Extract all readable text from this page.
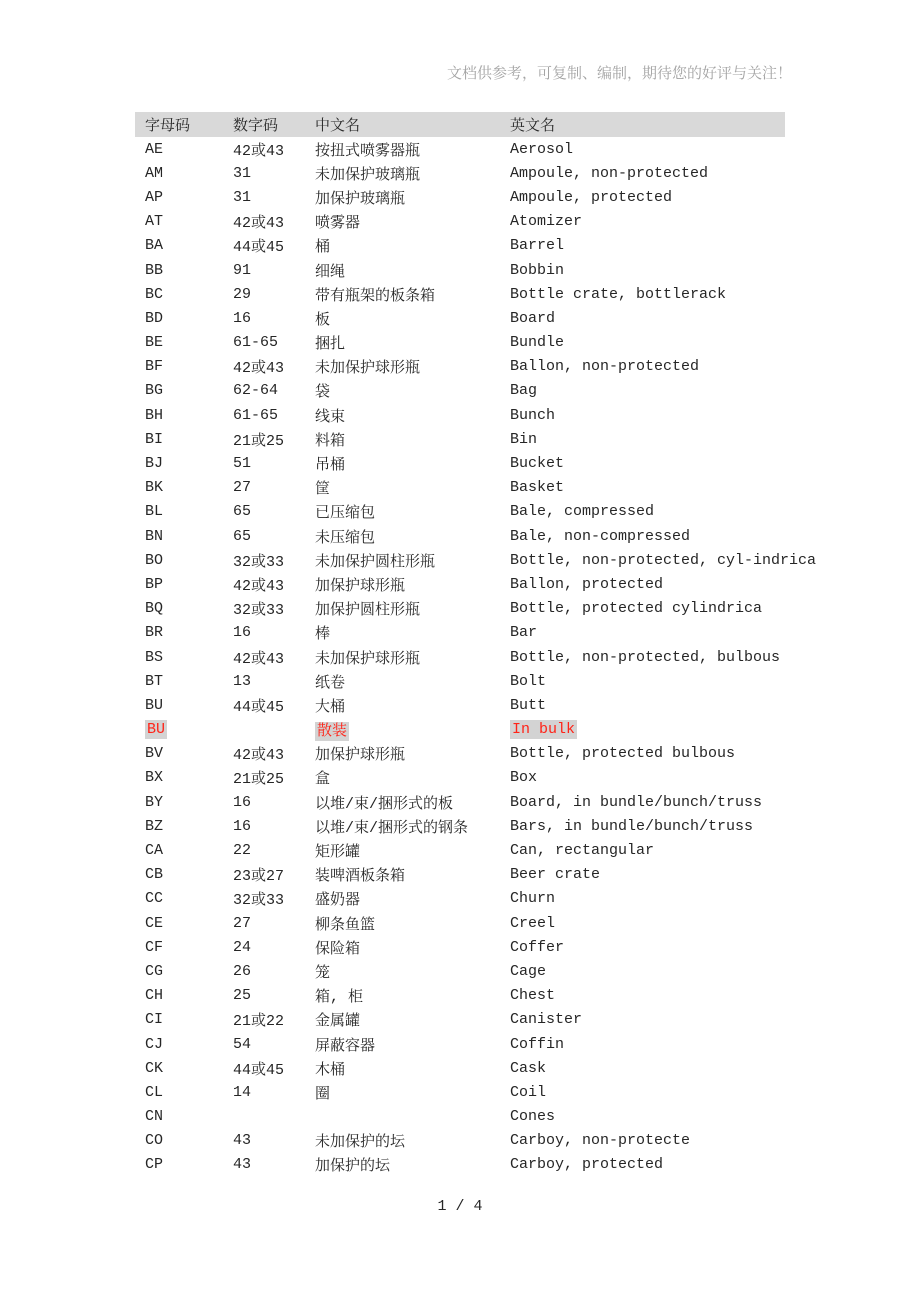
文档供参考，可复制、编制，期待您的好评与关注！
字母码	数字码	中文名	英文名
AE	42或43	按扭式喷雾器瓶	Aerosol
AM	31	未加保护玻璃瓶	Ampoule, non-protected
AP	31	加保护玻璃瓶	Ampoule, protected
AT	42或43	喷雾器	Atomizer
BA	44或45	桶	Barrel
BB	91	细绳	Bobbin
BC	29	带有瓶架的板条箱	Bottle crate, bottlerack
BD	16	板	Board
BE	61-65	捆扎	Bundle
BF	42或43	未加保护球形瓶	Ballon, non-protected
BG	62-64	袋	Bag
BH	61-65	线束	Bunch
BI	21或25	料箱	Bin
BJ	51	吊桶	Bucket
BK	27	筐	Basket
BL	65	已压缩包	Bale, compressed
BN	65	未压缩包	Bale, non-compressed
BO	32或33	未加保护圆柱形瓶	Bottle, non-protected, cyl-indrica
BP	42或43	加保护球形瓶	Ballon, protected
BQ	32或33	加保护圆柱形瓶	Bottle, protected cylindrica
BR	16	棒	Bar
BS	42或43	未加保护球形瓶	Bottle, non-protected, bulbous
BT	13	纸卷	Bolt
BU	44或45	大桶	Butt
BU		散装	In bulk
BV	42或43	加保护球形瓶	Bottle, protected bulbous
BX	21或25	盒	Box
BY	16	以堆/束/捆形式的板	Board, in bundle/bunch/truss
BZ	16	以堆/束/捆形式的钢条	Bars, in bundle/bunch/truss
CA	22	矩形罐	Can, rectangular
CB	23或27	装啤酒板条箱	Beer crate
CC	32或33	盛奶器	Churn
CE	27	柳条鱼篮	Creel
CF	24	保险箱	Coffer
CG	26	笼	Cage
CH	25	箱, 柜	Chest
CI	21或22	金属罐	Canister
CJ	54	屏蔽容器	Coffin
CK	44或45	木桶	Cask
CL	14	圈	Coil
CN			Cones
CO	43	未加保护的坛	Carboy, non-protecte
CP	43	加保护的坛	Carboy, protected
1 / 4
